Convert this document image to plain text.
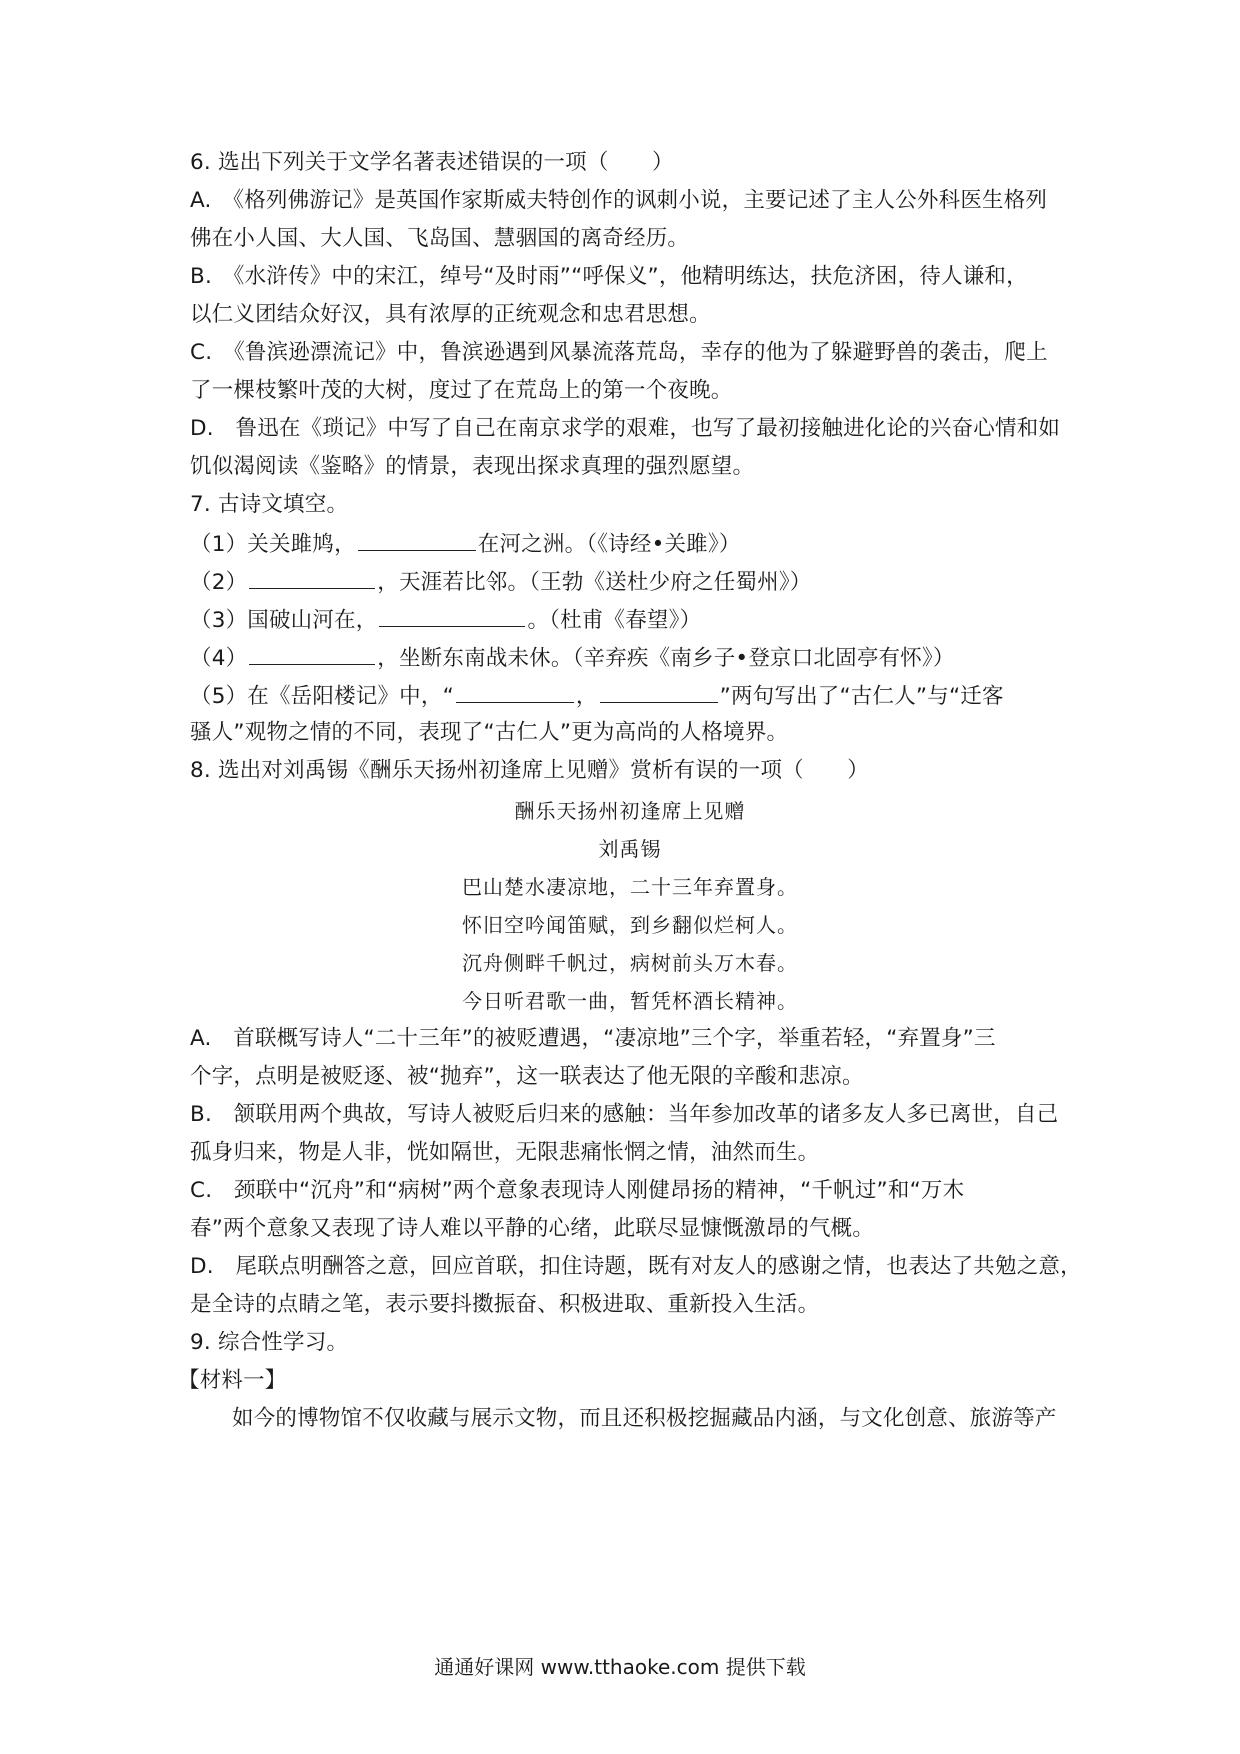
6. 选出下列关于文学名著表述错误的一项（　　）
A.　《格列佛游记》是英国作家斯威夫特创作的讽刺小说，主要记述了主人公外科医生格列
佛在小人国、大人国、飞岛国、慧骃国的离奇经历。
B.　《水浒传》中的宋江，绰号“及时雨”“呼保义”，他精明练达，扶危济困，待人谦和，
以仁义团结众好汉，具有浓厚的正统观念和忠君思想。
C.　《鲁滨逊漂流记》中，鲁滨逊遇到风暴流落荒岛，幸存的他为了躲避野兽的袭击，爬上
了一棵枝繁叶茂的大树，度过了在荒岛上的第一个夜晚。
D.　鲁迅在《琐记》中写了自己在南京求学的艰难，也写了最初接触进化论的兴奋心情和如
饥似渴阅读《鉴略》的情景，表现出探求真理的强烈愿望。
7. 古诗文填空。
（1）关关雎鸠，	在河之洲。（《诗经•关雎》）
（2）	，天涯若比邻。（王勃《送杜少府之任蜀州》）
（3）国破山河在，	。（杜甫《春望》）
（4）	，坐断东南战未休。（辛弃疾《南乡子•登京口北固亭有怀》）
（5）在《岳阳楼记》中，“	，	”两句写出了“古仁人”与“迁客
骚人”观物之情的不同，表现了“古仁人”更为高尚的人格境界。
8. 选出对刘禹锡《酬乐天扬州初逢席上见赠》赏析有误的一项（　　）
酬乐天扬州初逢席上见赠
刘禹锡
巴山楚水凄凉地，二十三年弃置身。
怀旧空吟闻笛赋，到乡翻似烂柯人。
沉舟侧畔千帆过，病树前头万木春。
今日听君歌一曲，暂凭杯酒长精神。
A.　首联概写诗人“二十三年”的被贬遭遇，“凄凉地”三个字，举重若轻，“弃置身”三
个字，点明是被贬逐、被“抛弃”，这一联表达了他无限的辛酸和悲凉。
B.　颔联用两个典故，写诗人被贬后归来的感触：当年参加改革的诸多友人多已离世，自己
孤身归来，物是人非，恍如隔世，无限悲痛怅惘之情，油然而生。
C.　颈联中“沉舟”和“病树”两个意象表现诗人刚健昂扬的精神，“千帆过”和“万木
春”两个意象又表现了诗人难以平静的心绪，此联尽显慷慨激昂的气概。
D.　尾联点明酬答之意，回应首联，扣住诗题，既有对友人的感谢之情，也表达了共勉之意，
是全诗的点睛之笔，表示要抖擞振奋、积极进取、重新投入生活。
9. 综合性学习。
【材料一】
如今的博物馆不仅收藏与展示文物，而且还积极挖掘藏品内涵，与文化创意、旅游等产
通通好课网 www.tthaoke.com 提供下载
